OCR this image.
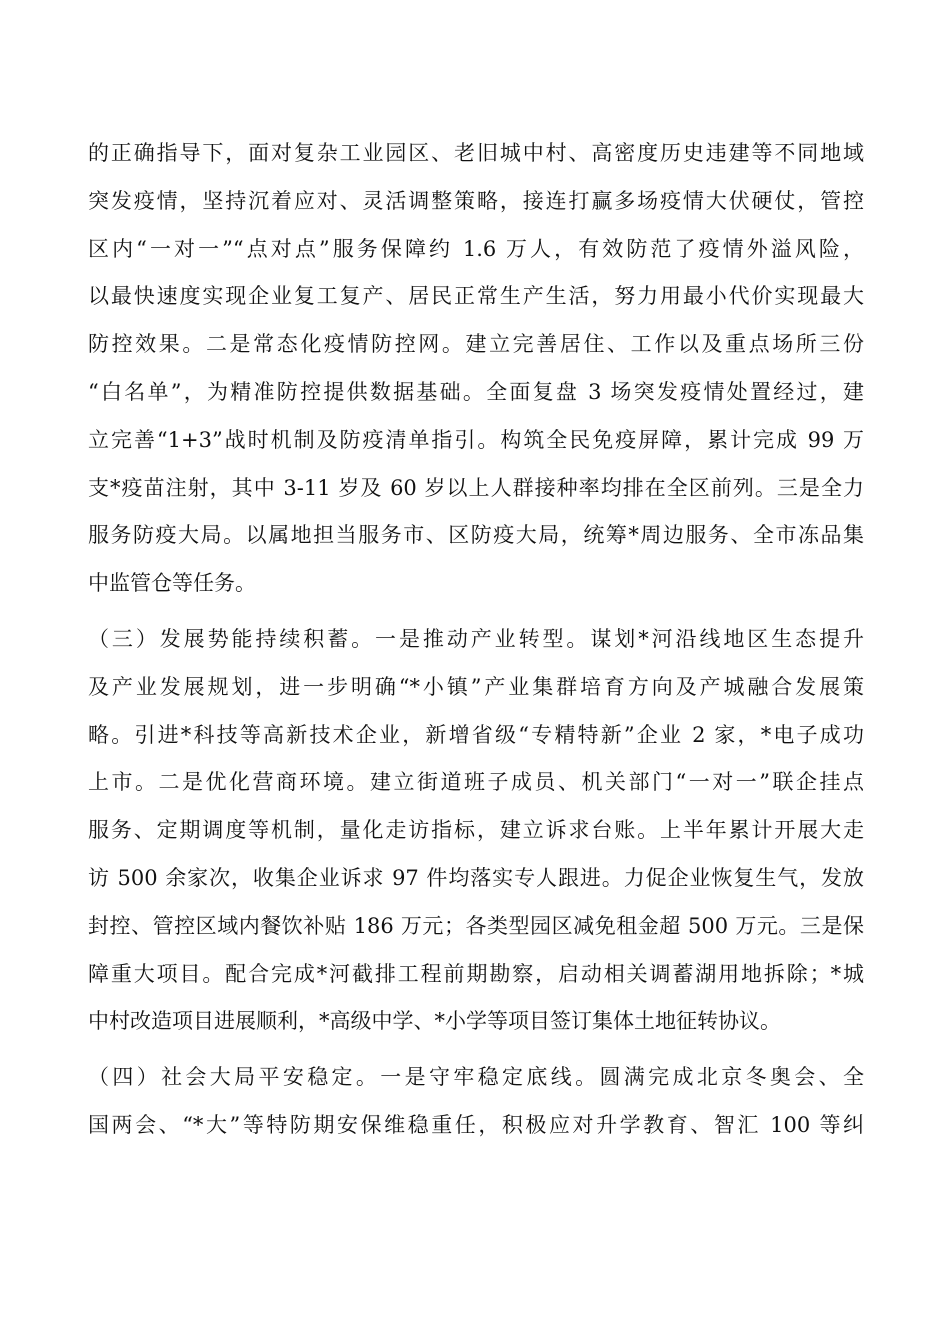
的正确指导下，面对复杂工业园区、老旧城中村、高密度历史违建等不同地域
突发疫情，坚持沉着应对、灵活调整策略，接连打赢多场疫情大伏硬仗，管控
区内“一对一”“点对点”服务保障约 1.6 万人，有效防范了疫情外溢风险，
以最快速度实现企业复工复产、居民正常生产生活，努力用最小代价实现最大
防控效果。二是常态化疫情防控网。建立完善居住、工作以及重点场所三份
“白名单”，为精准防控提供数据基础。全面复盘 3 场突发疫情处置经过，建
立完善“1+3”战时机制及防疫清单指引。构筑全民免疫屏障，累计完成 99 万
支*疫苗注射，其中 3-11 岁及 60 岁以上人群接种率均排在全区前列。三是全力
服务防疫大局。以属地担当服务市、区防疫大局，统筹*周边服务、全市冻品集
中监管仓等任务。
（三）发展势能持续积蓄。一是推动产业转型。谋划*河沿线地区生态提升
及产业发展规划，进一步明确“*小镇”产业集群培育方向及产城融合发展策
略。引进*科技等高新技术企业，新增省级“专精特新”企业 2 家，*电子成功
上市。二是优化营商环境。建立街道班子成员、机关部门“一对一”联企挂点
服务、定期调度等机制，量化走访指标，建立诉求台账。上半年累计开展大走
访 500 余家次，收集企业诉求 97 件均落实专人跟进。力促企业恢复生气，发放
封控、管控区域内餐饮补贴 186 万元；各类型园区减免租金超 500 万元。三是保
障重大项目。配合完成*河截排工程前期勘察，启动相关调蓄湖用地拆除；*城
中村改造项目进展顺利，*高级中学、*小学等项目签订集体土地征转协议。
（四）社会大局平安稳定。一是守牢稳定底线。圆满完成北京冬奥会、全
国两会、“*大”等特防期安保维稳重任，积极应对升学教育、智汇 100 等纠
